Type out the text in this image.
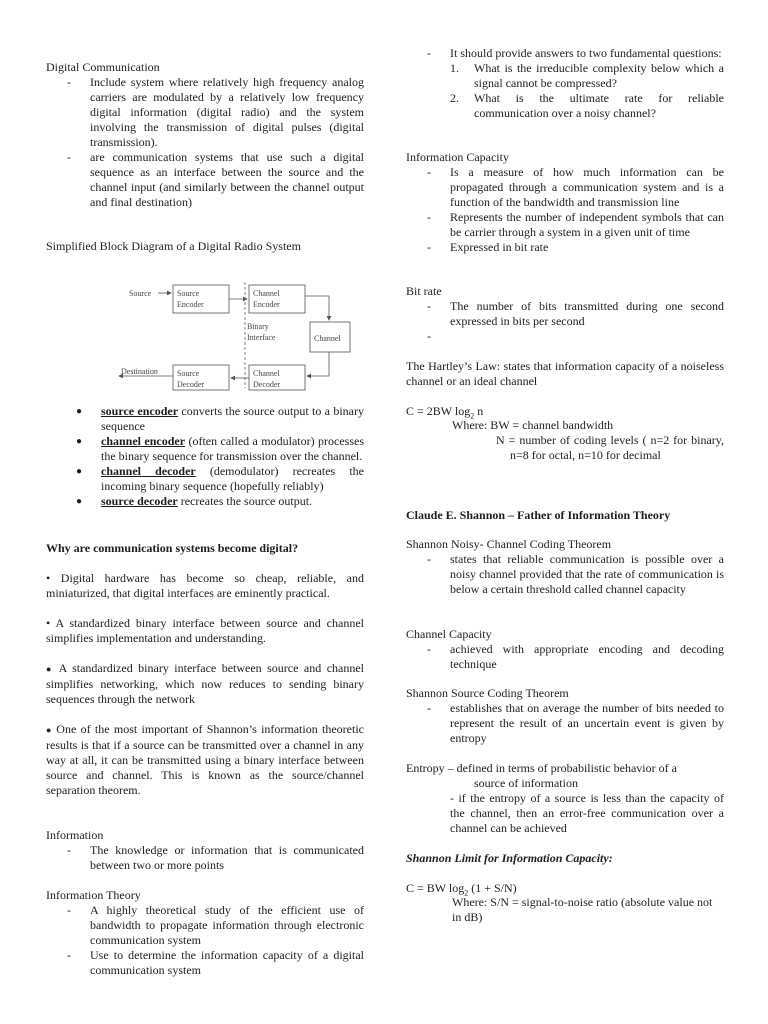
Digital Communication

- Include system where relatively high frequency analog carriers are modulated by a relatively low frequency digital information (digital radio) and the system involving the transmission of digital pulses (digital transmission).
- are communication systems that use such a digital sequence as an interface between the source and the channel input (and similarly between the channel output and final destination)

Simplified Block Diagram of a Digital Radio System

Source	Source
Encoder
Channel
Encoder
Binary
Interface	Channel
Channel
Decoder
Source
Decoder
Destination
● source encoder converts the source output to a binary sequence
● channel encoder (often called a modulator) processes the binary sequence for transmission over the channel.
● channel decoder (demodulator) recreates the incoming binary sequence (hopefully reliably)
● source decoder recreates the source output.

Why are communication systems become digital?

• Digital hardware has become so cheap, reliable, and miniaturized, that digital interfaces are eminently practical.

• A standardized binary interface between source and channel simplifies implementation and understanding.

● A standardized binary interface between source and channel simplifies networking, which now reduces to sending binary sequences through the network

● One of the most important of Shannon’s information theoretic results is that if a source can be transmitted over a channel in any way at all, it can be transmitted using a binary interface between source and channel. This is known as the source/channel separation theorem.

Information

- The knowledge or information that is communicated between two or more points

Information Theory

- A highly theoretical study of the efficient use of bandwidth to propagate information through electronic communication system
- Use to determine the information capacity of a digital communication system
- It should provide answers to two fundamental questions:
1. What is the irreducible complexity below which a signal cannot be compressed?
2. What is the ultimate rate for reliable communication over a noisy channel?

Information Capacity

- Is a measure of how much information can be propagated through a communication system and is a function of the bandwidth and transmission line
- Represents the number of independent symbols that can be carrier through a system in a given unit of time
- Expressed in bit rate

Bit rate

- The number of bits transmitted during one second expressed in bits per second
-

The Hartley’s Law: states that information capacity of a noiseless channel or an ideal channel

C = 2BW $\log_2 n$

Where: BW = channel bandwidth

N = number of coding levels ( n=2 for binary, n=8 for octal, n=10 for decimal

Claude E. Shannon – Father of Information Theory

Shannon Noisy- Channel Coding Theorem

- states that reliable communication is possible over a noisy channel provided that the rate of communication is below a certain threshold called channel capacity

Channel Capacity

- achieved with appropriate encoding and decoding technique

Shannon Source Coding Theorem

- establishes that on average the number of bits needed to represent the result of an uncertain event is given by entropy

Entropy – defined in terms of probabilistic behavior of a

source of information

- if the entropy of a source is less than the capacity of the channel, then an error-free communication over a channel can be achieved

Shannon Limit for Information Capacity:

C = BW $\log_2 (1 + S/N)$

Where: S/N = signal-to-noise ratio (absolute value not in dB)
